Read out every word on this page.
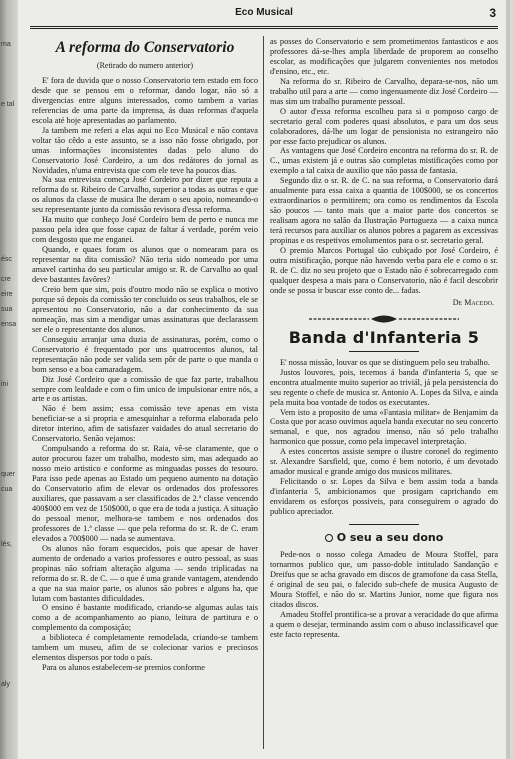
ma
e tal
ésc
cre
eire
sua
ensa
ini
quer
cua
lés,
aly
Eco Musical	3
A reforma do Conservatorio
(Retirado do numero anterior)

E' fora de duvida que o nosso Conservatorio tem estado em foco desde que se pensou em o reformar, dando logar, não só a divergencias entre alguns interessados, como tambem a varias referencias de uma parte da imprensa, ás duas reformas d'aquela escola até hoje apresentadas ao parlamento.

Ja tambem me referi a elas aqui no Eco Musical e não contava voltar tão cêdo a este assunto, se a isso não fosse obrigado, por umas informações inconsistentes dadas pelo aluno do Conservatorio José Cordeiro, a um dos redátores do jornal as Novidades, n'uma entrevista que com ele teve ha poucos dias.

Na sua entrevista começa José Cordeiro por dizer que reputa a reforma do sr. Ribeiro de Carvalho, superior a todas as outras e que os alunos da classe de musica lhe deram o seu apoio, nomeando-o seu representante junto da comissão revisora d'essa reforma.

Ha muito que conheço José Cordeiro bem de perto e nunca me passou pela idea que fosse capaz de faltar á verdade, porém veio com desgosto que me enganei.

Quando, e quaes foram os alunos que o nomearam para os representar na dita comissão? Não teria sido nomeado por uma amavel cartinha do seu particular amigo sr. R. de Carvalho ao qual deve bastantes favôres?

Creio bem que sim, pois d'outro modo não se explica o motivo porque só depois da comissão ter concluido os seus trabalhos, ele se apresentou no Conservatorio, não a dar conhecimento da sua nomeação, mas sim a mendigar umas assinaturas que declarassem ser ele o representante dos alunos.

Conseguiu arranjar uma duzia de assinaturas, porém, como o Conservatorio é frequentado por uns quatrocentos alunos, tal representação não pode ser valida sem pôr de parte o que manda o bom senso e a boa camaradagem.

Diz José Cordeiro que a comissão de que faz parte, trabalhou sempre com lealdade e com o fim unico de impulsionar entre nós, a arte e os artistas.

Não é bem assim; essa comissão teve apenas em vista beneficiar-se a si propria e amesquinhar a reforma elaborada pelo diretor interino, afim de satisfazer vaidades do atual secretario do Conservatorio. Senão vejamos:

Compulsando a reforma do sr. Raia, vê-se claramente, que o autor procurou fazer um trabalho, modesto sim, mas adequado ao nosso meio artistico e conforme as minguadas posses do tesouro. Para isso pede apenas ao Estado um pequeno aumento na dotação do Conservatorio afim de elevar os ordenados dos professores auxiliares, que passavam a ser classificados de 2.ª classe vencendo 400$000 em vez de 150$000, o que era de toda a justiça. A situação do pessoal menor, melhora-se tambem e nos ordenados dos professores de 1.ª classe — que pela reforma do sr. R. de C. eram elevados a 700$000 — nada se aumentava.

Os alunos não foram esquecidos, pois que apesar de haver aumento de ordenado a varios professores e outro pessoal, as suas propinas não sofriam alteração alguma — sendo triplicadas na reforma do sr. R. de C. — o que é uma grande vantagem, atendendo a que na sua maior parte, os alunos são pobres e alguns ha, que lutam com bastantes dificuldades.

O ensino é bastante modificado, criando-se algumas aulas tais como a de acompanhamento ao piano, leitura de partitura e o complemento da composição;

a biblioteca é completamente remodelada, criando-se tambem tambem um museu, afim de se colecionar varios e preciosos elementos dispersos por todo o país.

Para os alunos estabelecem-se premios conforme

as posses do Conservatorio e sem prometimentos fantasticos e aos professores dá-se-lhes ampla liberdade de proporem ao conselho escolar, as modificações que julgarem convenientes nos metodos d'ensino, etc., etc.

Na reforma do sr. Ribeiro de Carvalho, depara-se-nos, não um trabalho util para a arte — como ingenuamente diz José Cordeiro — mas sim um trabalho puramente pessoal.

O autor d'essa reforma escolheu para si o pomposo cargo de secretario geral com poderes quasi absolutos, e para um dos seus colaboradores, dá-lhe um logar de pensionista no estrangeiro não por esse facto prejudicar os alunos.

As vantagens que José Cordeiro encontra na reforma do sr. R. de C., umas existem já e outras são completas mistificações como por exemplo a tal caixa de auxilio que não passa de fantasia.

Segundo diz o sr. R. de C. na sua reforma, o Conservatorio dará anualmente para essa caixa a quantia de 100$000, se os concertos extraordinarios o permitirem; ora como os rendimentos da Escola são poucos — tanto mais que a maior parte dos concertos se realisam agora no salão da Ilustração Portugueza — a caixa nunca terá recursos para auxiliar os alunos pobres a pagarem as excessivas propinas e os respetivos emolumentos para o sr. secretario geral.

O premio Marcos Portugal tão cubiçado por José Cordeiro, é outra mistificação, porque não havendo verba para ele e como o sr. R. de C. diz no seu projeto que o Estado não é sobrecarregado com qualquer despesa a mais para o Conservatorio, não é facil descobrir onde se possa ir buscar esse conto de... fadas.

De Macedo.
Banda d'Infanteria 5

E' nossa missão, louvar os que se distinguem pelo seu trabalho.

Justos louvores, pois, tecemos á banda d'infanteria 5, que se encontra atualmente muito superior ao triviál, já pela persistencia do seu regente o chefe de musica sr. Antonio A. Lopes da Silva, e ainda pela muita boa vontade de todos os executantes.

Vem isto a proposito de uma «Fantasia militar» de Benjamim da Costa que por acaso ouvimos aquela banda executar no seu concerto semanal, e que, nos agradou imenso, não só pelo trabalho harmonico que possue, como pela impecavel interpretação.

A estes concertos assiste sempre o ilustre coronel do regimento sr. Alexandre Sarsfield, que, como é bem notorio, é um devotado amador musical e grande amigo dos musicos militares.

Felicitando o sr. Lopes da Silva e bem assim toda a banda d'infanteria 5, ambicionamos que prosigam caprichando em envidarem os esforços possiveis, para conseguirem o agrado do publico apreciador.

O seu a seu dono

Pede-nos o nosso colega Amadeu de Moura Stoffel, para tornarmos publico que, um passo-doble intitulado Sandanção e Dreifus que se acha gravado em discos de gramofone da casa Stella, é original de seu pai, o falecido sub-chefe de musica Augusto de Moura Stoffel, e não do sr. Martins Junior, nome que figura nos citados discos.

Amadeu Stoffel prontifica-se a provar a veracidade do que afirma a quem o desejar, terminando assim com o abuso inclassificavel que este facto representa.
